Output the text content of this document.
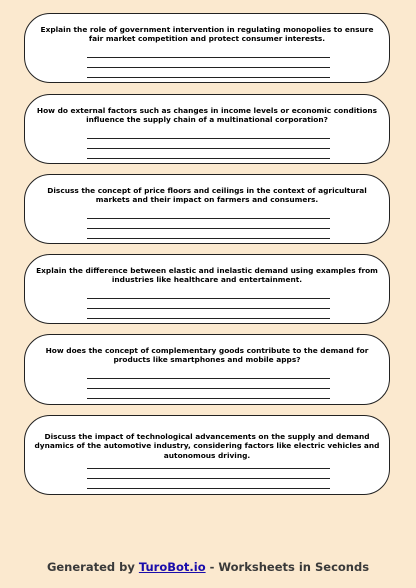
Explain the role of government intervention in regulating monopolies to ensure fair market competition and protect consumer interests.

How do external factors such as changes in income levels or economic conditions influence the supply chain of a multinational corporation?

Discuss the concept of price floors and ceilings in the context of agricultural markets and their impact on farmers and consumers.

Explain the difference between elastic and inelastic demand using examples from industries like healthcare and entertainment.

How does the concept of complementary goods contribute to the demand for products like smartphones and mobile apps?

Discuss the impact of technological advancements on the supply and demand dynamics of the automotive industry, considering factors like electric vehicles and autonomous driving.

Generated by TuroBot.io - Worksheets in Seconds
